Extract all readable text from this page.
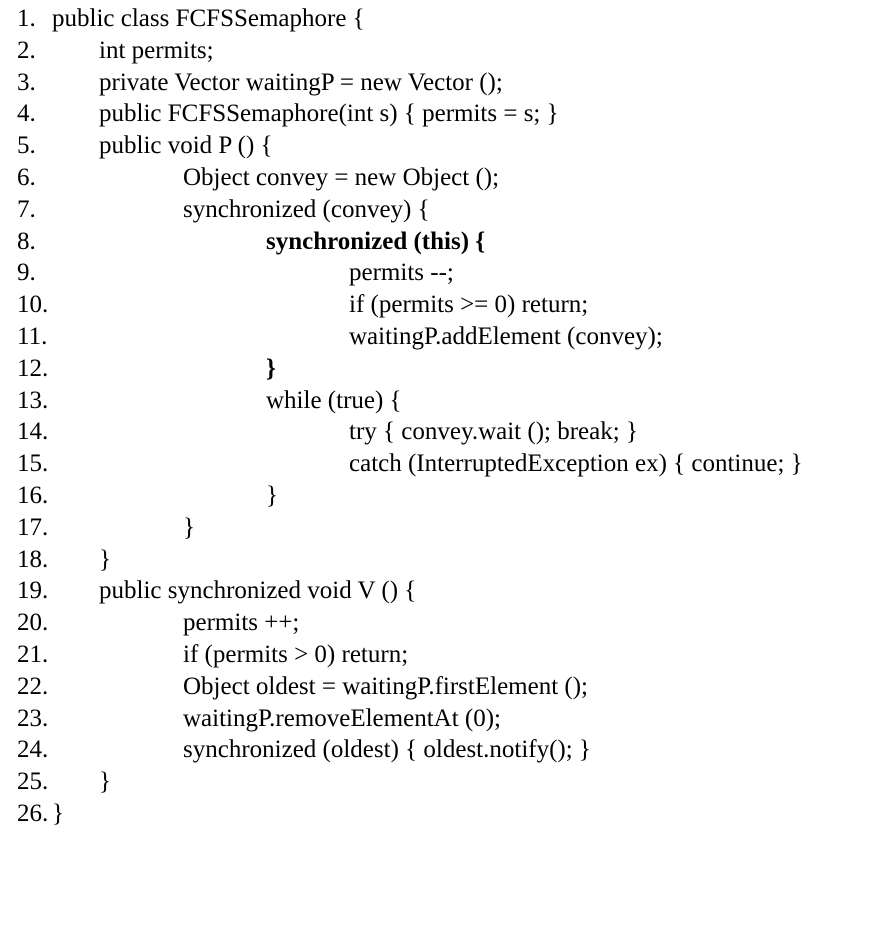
1.

public class FCFSSemaphore {

2.

	int permits;

3.

	private Vector waitingP = new Vector ();

4.

	public FCFSSemaphore(int s) { permits = s; }

5.

	public void P () {

6.

	Object convey = new Object ();

7.

	synchronized (convey) {

8.

	synchronized (this) {

9.

	permits --;

10.

	if (permits >= 0) return;

11.

	waitingP.addElement (convey);

12.

	}

13.

	while (true) {

14.

	try { convey.wait (); break; }

15.

	catch (InterruptedException ex) { continue; }

16.

	}

17.

	}

18.

}

19.

public synchronized void V () {

20.

	permits ++;

21.

	if (permits > 0) return;

22.

	Object oldest = waitingP.firstElement ();

23.

	waitingP.removeElementAt (0);

24.

	synchronized (oldest) { oldest.notify(); }

25.

}

26.

}
